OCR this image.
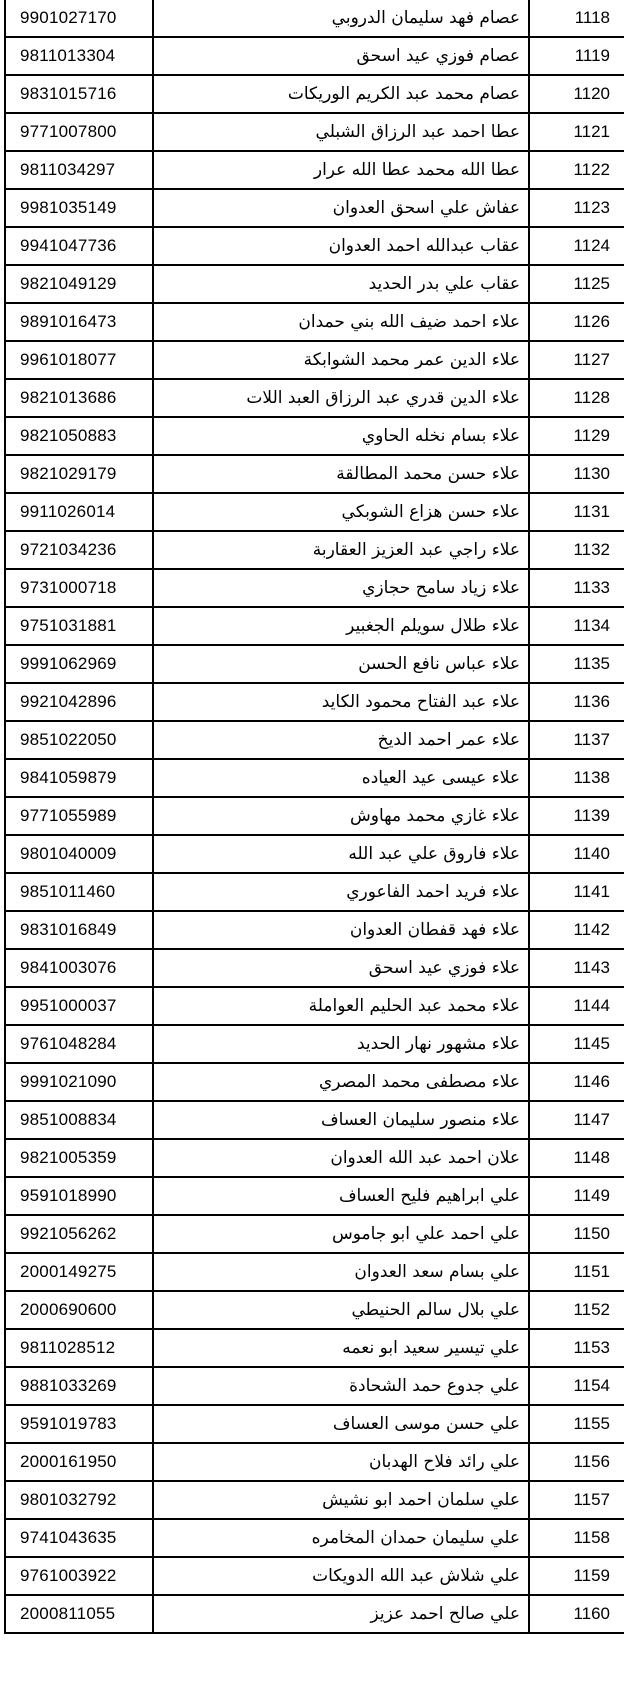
9901027170	عصام فهد سليمان الدروبي	1118
9811013304	عصام فوزي عيد اسحق	1119
9831015716	عصام محمد عبد الكريم الوريكات	1120
9771007800	عطا احمد عبد الرزاق الشبلي	1121
9811034297	عطا الله محمد عطا الله عرار	1122
9981035149	عفاش علي اسحق العدوان	1123
9941047736	عقاب عبدالله احمد العدوان	1124
9821049129	عقاب علي بدر الحديد	1125
9891016473	علاء احمد ضيف الله بني حمدان	1126
9961018077	علاء الدين عمر محمد الشوابكة	1127
9821013686	علاء الدين قدري عبد الرزاق العبد اللات	1128
9821050883	علاء بسام نخله الحاوي	1129
9821029179	علاء حسن محمد المطالقة	1130
9911026014	علاء حسن هزاع الشوبكي	1131
9721034236	علاء راجي عبد العزيز العقاربة	1132
9731000718	علاء زياد سامح حجازي	1133
9751031881	علاء طلال سويلم الجغبير	1134
9991062969	علاء عباس نافع الحسن	1135
9921042896	علاء عبد الفتاح محمود الكايد	1136
9851022050	علاء عمر احمد الديخ	1137
9841059879	علاء عيسى عيد العياده	1138
9771055989	علاء غازي محمد مهاوش	1139
9801040009	علاء فاروق علي عبد الله	1140
9851011460	علاء فريد احمد الفاعوري	1141
9831016849	علاء فهد قفطان العدوان	1142
9841003076	علاء فوزي عيد اسحق	1143
9951000037	علاء محمد عبد الحليم العواملة	1144
9761048284	علاء مشهور نهار الحديد	1145
9991021090	علاء مصطفى محمد المصري	1146
9851008834	علاء منصور سليمان العساف	1147
9821005359	علان احمد عبد الله العدوان	1148
9591018990	علي ابراهيم فليح العساف	1149
9921056262	علي احمد علي ابو جاموس	1150
2000149275	علي بسام سعد العدوان	1151
2000690600	علي بلال سالم الحنيطي	1152
9811028512	علي تيسير سعيد ابو نعمه	1153
9881033269	علي جدوع حمد الشحادة	1154
9591019783	علي حسن موسى العساف	1155
2000161950	علي رائد فلاح الهدبان	1156
9801032792	علي سلمان احمد ابو نشيش	1157
9741043635	علي سليمان حمدان المخامره	1158
9761003922	علي شلاش عبد الله الدويكات	1159
2000811055	علي صالح احمد عزيز	1160
